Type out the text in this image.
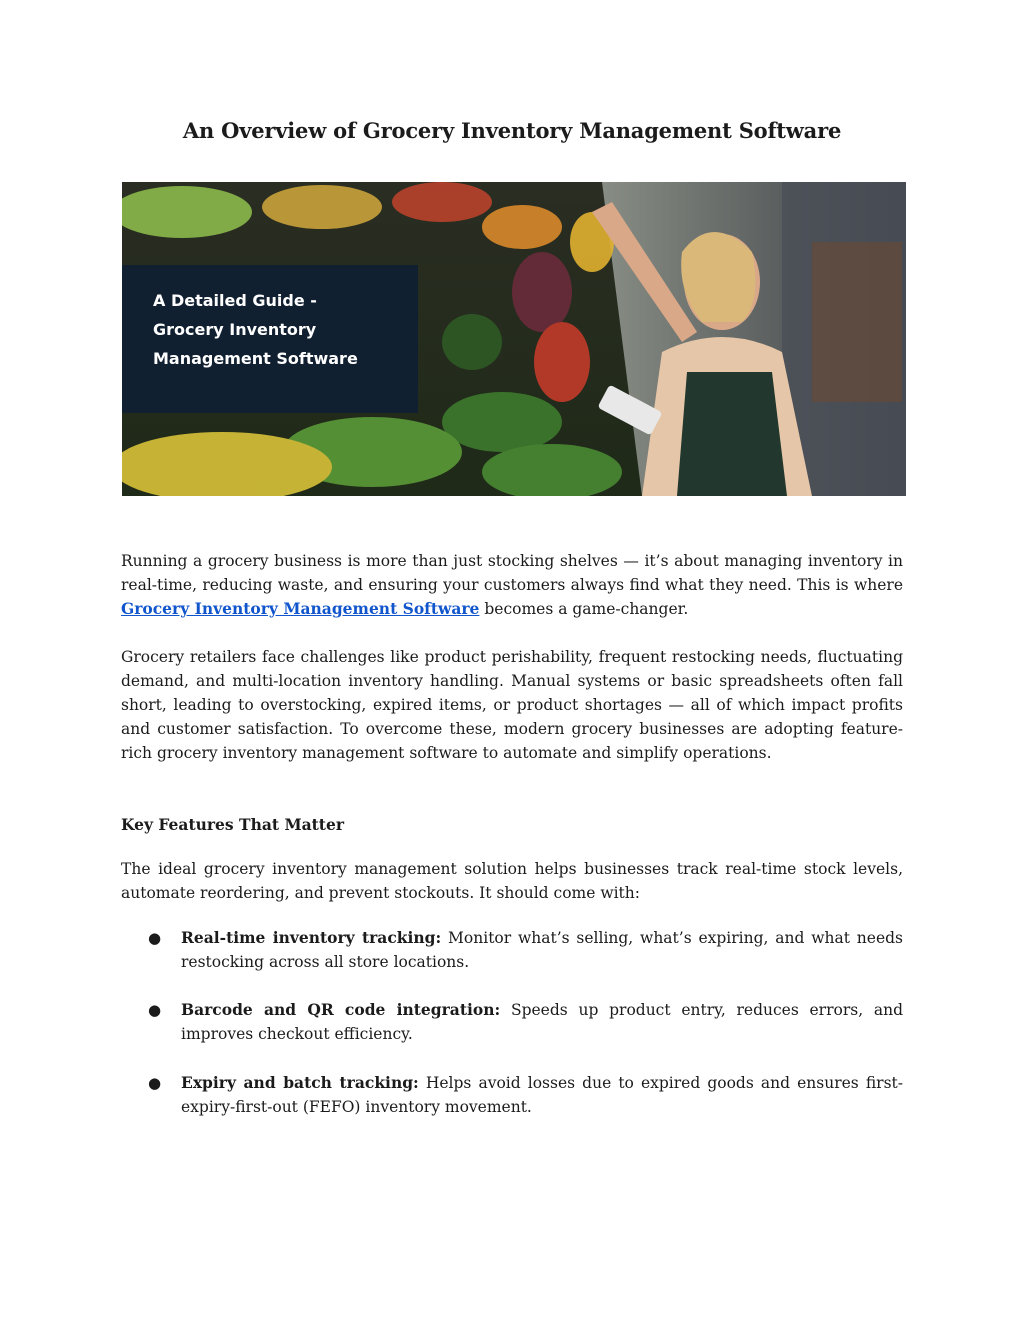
An Overview of Grocery Inventory Management Software
A Detailed Guide -
Grocery Inventory
Management Software

Running a grocery business is more than just stocking shelves — it’s about managing inventory in real-time, reducing waste, and ensuring your customers always find what they need. This is where Grocery Inventory Management Software becomes a game-changer.

Grocery retailers face challenges like product perishability, frequent restocking needs, fluctuating demand, and multi-location inventory handling. Manual systems or basic spreadsheets often fall short, leading to overstocking, expired items, or product shortages — all of which impact profits and customer satisfaction. To overcome these, modern grocery businesses are adopting feature-rich grocery inventory management software to automate and simplify operations.

Key Features That Matter

The ideal grocery inventory management solution helps businesses track real-time stock levels, automate reordering, and prevent stockouts. It should come with:

● Real-time inventory tracking: Monitor what’s selling, what’s expiring, and what needs restocking across all store locations.
● Barcode and QR code integration: Speeds up product entry, reduces errors, and improves checkout efficiency.
● Expiry and batch tracking: Helps avoid losses due to expired goods and ensures first-expiry-first-out (FEFO) inventory movement.
